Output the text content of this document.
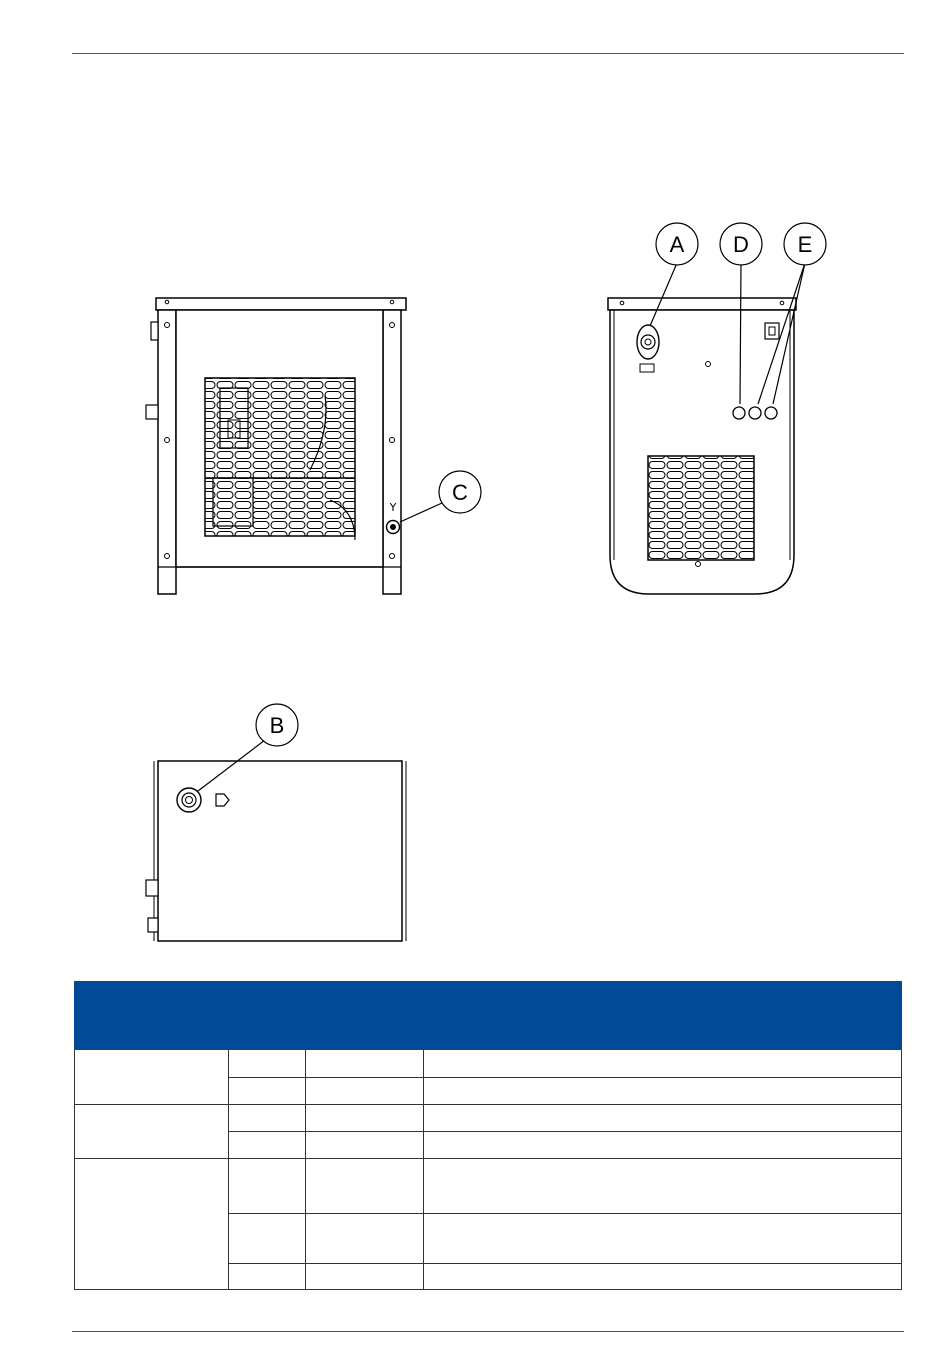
Y
C
A D E
B
